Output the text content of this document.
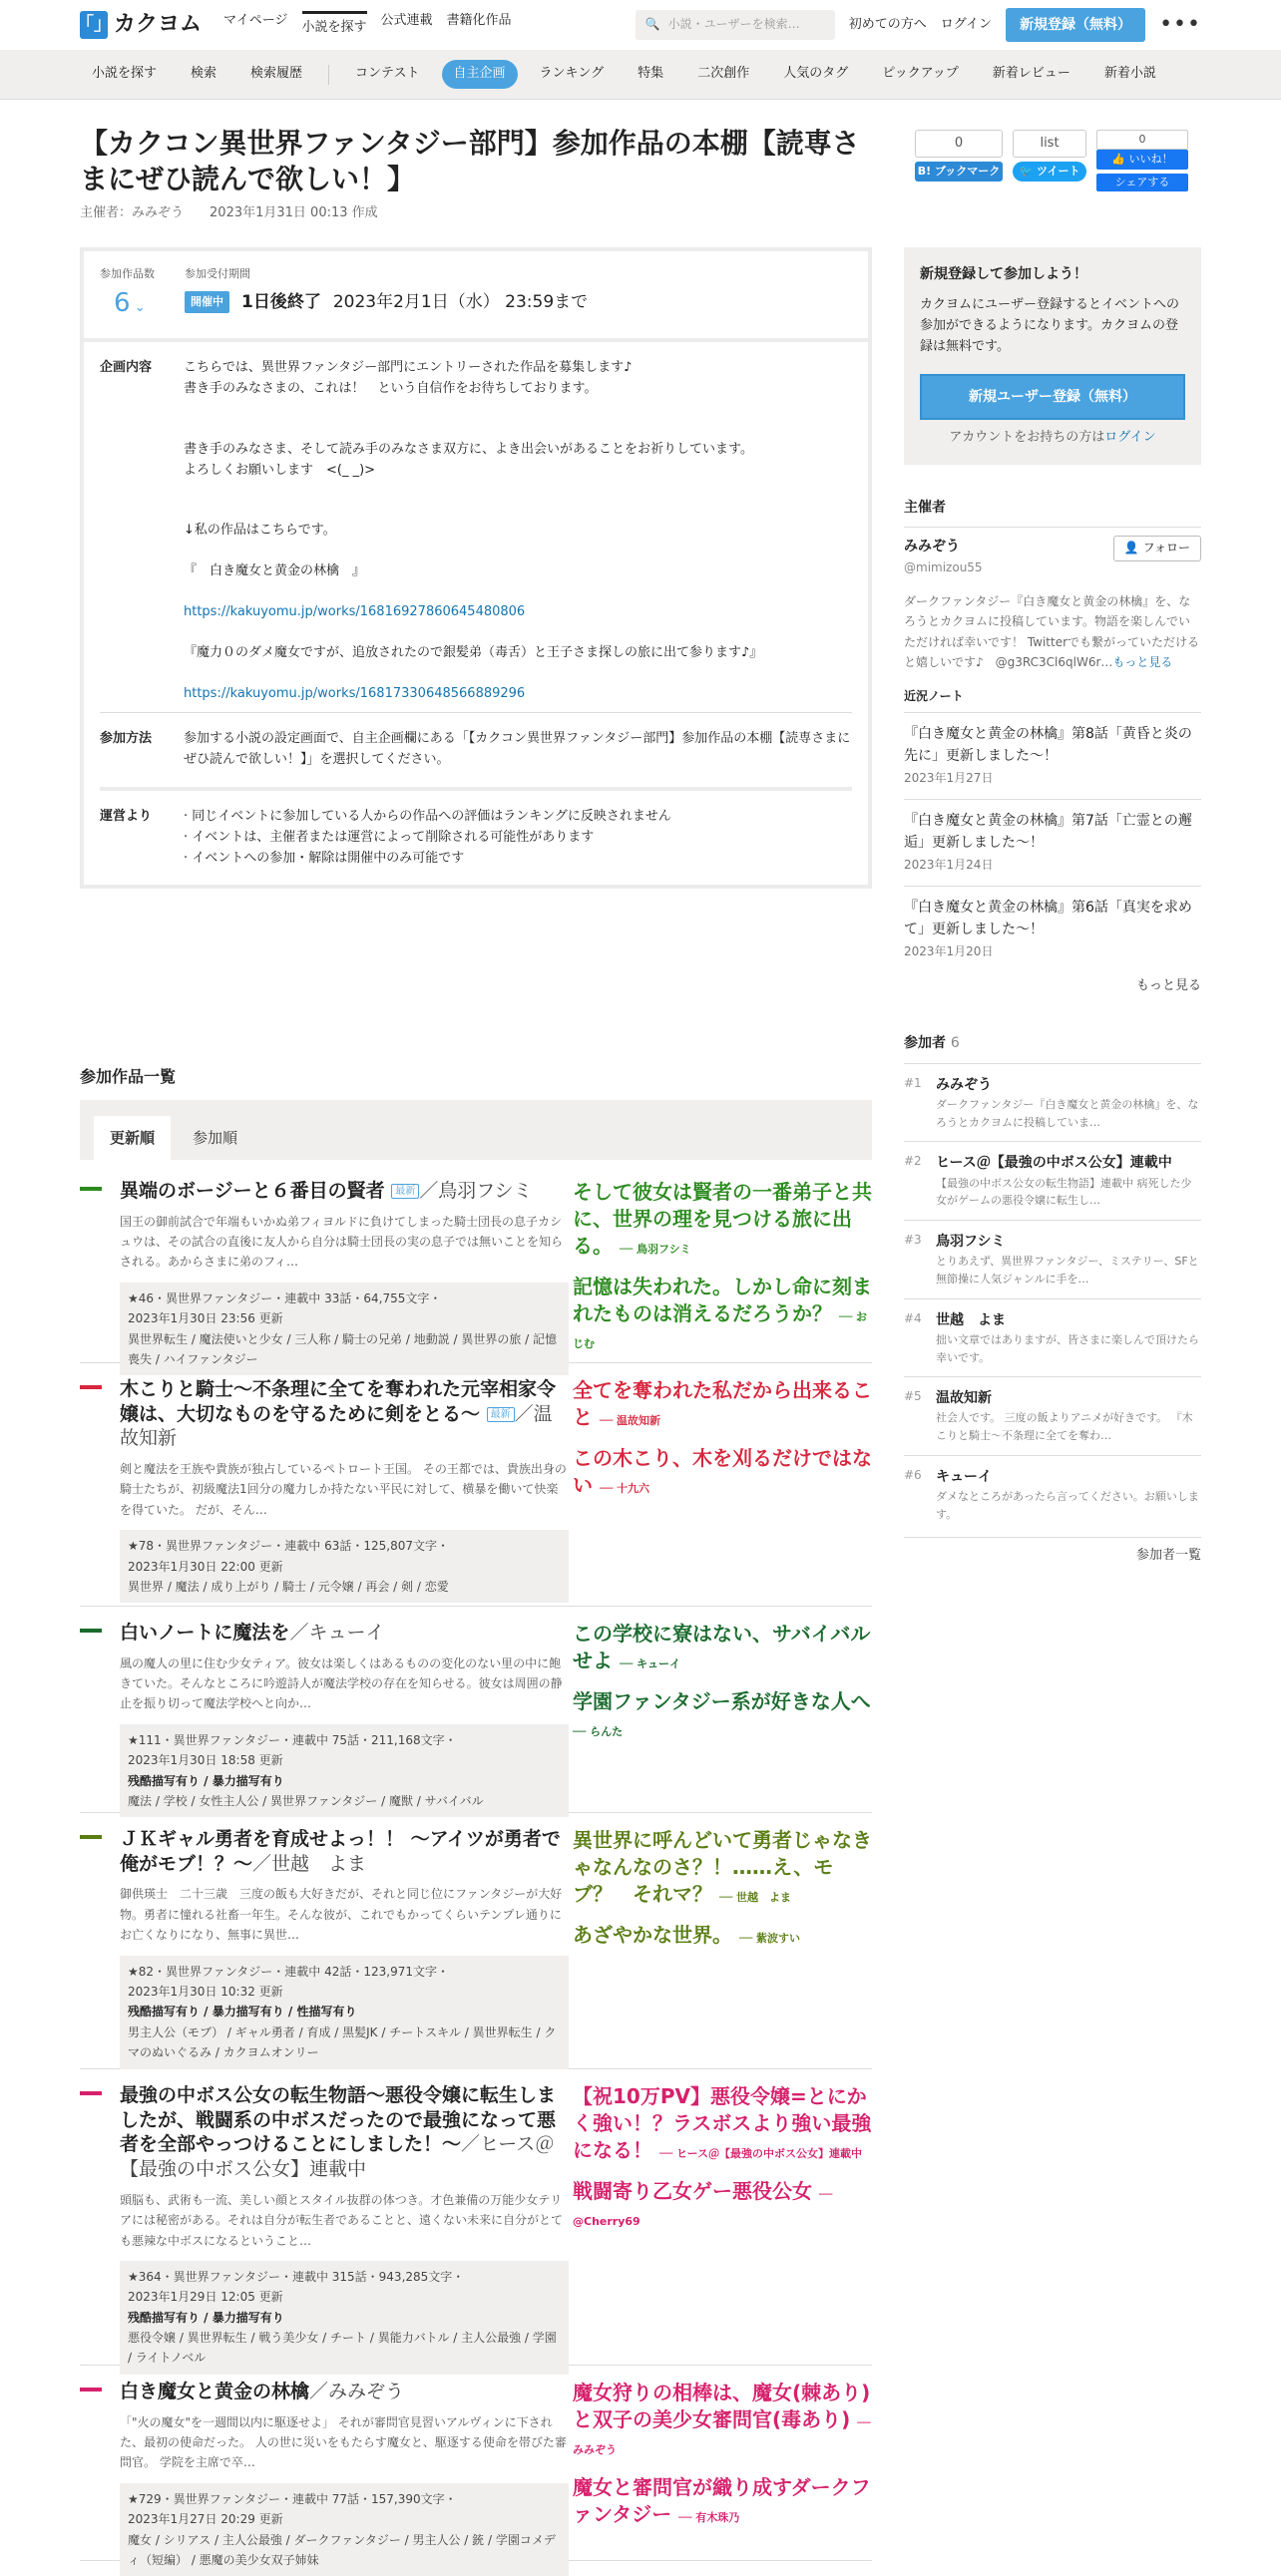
「」 カクヨム マイページ 小説を探す 公式連載 書籍化作品	🔍 小説・ユーザーを検索…	初めての方へ ログイン	新規登録（無料）	•••
小説を探す	検索	検索履歴	コンテスト	自主企画	ランキング	特集	二次創作	人気のタグ	ピックアップ	新着レビュー	新着小説
【カクコン異世界ファンタジー部門】参加作品の本棚【読専さまにぜひ読んで欲しい！】
主催者：みみぞう　　 2023年1月31日 00:13 作成
0
B! ブックマーク
list
🐦 ツイート
0
👍 いいね！
シェアする
参加作品数
6 ⌄
参加受付期間
開催中	1日後終了 2023年2月1日（水） 23:59まで
企画内容	こちらでは、異世界ファンタジー部門にエントリーされた作品を募集します♪

書き手のみなさまの、これは！　という自信作をお待ちしております。

書き手のみなさま、そして読み手のみなさま双方に、よき出会いがあることをお祈りしています。

よろしくお願いします　<(_ _)>

↓私の作品はこちらです。

『　白き魔女と黄金の林檎　』

https://kakuyomu.jp/works/16816927860645480806

『魔力０のダメ魔女ですが、追放されたので銀髪弟（毒舌）と王子さま探しの旅に出て参ります♪』

https://kakuyomu.jp/works/16817330648566889296

参加方法	参加する小説の設定画面で、自主企画欄にある「【カクコン異世界ファンタジー部門】参加作品の本棚【読専さまにぜひ読んで欲しい！】」を選択してください。
運営より	· 同じイベントに参加している人からの作品への評価はランキングに反映されません
· イベントは、主催者または運営によって削除される可能性があります
· イベントへの参加・解除は開催中のみ可能です
参加作品一覧
更新順	参加順
異端のボージーと６番目の賢者 最新 ／鳥羽フシミ
国王の御前試合で年端もいかぬ弟フィヨルドに負けてしまった騎士団長の息子カシュウは、その試合の直後に友人から自分は騎士団長の実の息子では無いことを知らされる。あからさまに弟のフィ…
★46・異世界ファンタジー・連載中 33話・64,755文字・
2023年1月30日 23:56 更新
異世界転生 / 魔法使いと少女 / 三人称 / 騎士の兄弟 / 地動説 / 異世界の旅 / 記憶喪失 / ハイファンタジー
そして彼女は賢者の一番弟子と共に、世界の理を見つける旅に出る。 ── 鳥羽フシミ
記憶は失われた。しかし命に刻まれたものは消えるだろうか？ ── おじむ
木こりと騎士〜不条理に全てを奪われた元宰相家令嬢は、大切なものを守るために剣をとる〜 最新 ／温故知新
剣と魔法を王族や貴族が独占しているペトロート王国。 その王都では、貴族出身の騎士たちが、初級魔法1回分の魔力しか持たない平民に対して、横暴を働いて快楽を得ていた。 だが、そん…
★78・異世界ファンタジー・連載中 63話・125,807文字・
2023年1月30日 22:00 更新
異世界 / 魔法 / 成り上がり / 騎士 / 元令嬢 / 再会 / 剣 / 恋愛
全てを奪われた私だから出来ること ── 温故知新
この木こり、木を刈るだけではない ── 十九六
白いノートに魔法を／キューイ
風の魔人の里に住む少女ティア。彼女は楽しくはあるものの変化のない里の中に飽きていた。そんなところに吟遊詩人が魔法学校の存在を知らせる。彼女は周囲の静止を振り切って魔法学校へと向か…
★111・異世界ファンタジー・連載中 75話・211,168文字・
2023年1月30日 18:58 更新
残酷描写有り / 暴力描写有り
魔法 / 学校 / 女性主人公 / 異世界ファンタジー / 魔獣 / サバイバル
この学校に寮はない、サバイバルせよ ── キューイ
学園ファンタジー系が好きな人へ ── らんた
ＪＫギャル勇者を育成せよっ！！ ～アイツが勇者で俺がモブ！？～／世越　よま
御供瑛士　二十三歳　三度の飯も大好きだが、それと同じ位にファンタジーが大好物。勇者に憧れる社畜一年生。そんな彼が、これでもかってくらいテンプレ通りにお亡くなりになり、無事に異世…
★82・異世界ファンタジー・連載中 42話・123,971文字・
2023年1月30日 10:32 更新
残酷描写有り / 暴力描写有り / 性描写有り
男主人公（モブ） / ギャル勇者 / 育成 / 黒髪JK / チートスキル / 異世界転生 / クマのぬいぐるみ / カクヨムオンリー
異世界に呼んどいて勇者じゃなきゃなんなのさ？！……え、モブ？　それマ？ ── 世越　よま
あざやかな世界。 ── 紫波すい
最強の中ボス公女の転生物語～悪役令嬢に転生しましたが、戦闘系の中ボスだったので最強になって悪者を全部やっつけることにしました！～／ヒース＠【最強の中ボス公女】連載中
頭脳も、武術も一流、美しい顔とスタイル抜群の体つき。才色兼備の万能少女テリアには秘密がある。それは自分が転生者であることと、遠くない未来に自分がとても悪辣な中ボスになるということ…
★364・異世界ファンタジー・連載中 315話・943,285文字・
2023年1月29日 12:05 更新
残酷描写有り / 暴力描写有り
悪役令嬢 / 異世界転生 / 戦う美少女 / チート / 異能力バトル / 主人公最強 / 学園 / ライトノベル
【祝10万PV】悪役令嬢=とにかく強い！？ラスボスより強い最強になる！ ── ヒース＠【最強の中ボス公女】連載中
戦闘寄り乙女ゲー悪役公女 ── @Cherry69
白き魔女と黄金の林檎／みみぞう
「"火の魔女"を一週間以内に駆逐せよ」 それが審問官見習いアルヴィンに下された、最初の使命だった。 人の世に災いをもたらす魔女と、駆逐する使命を帯びた審問官。 学院を主席で卒…
★729・異世界ファンタジー・連載中 77話・157,390文字・
2023年1月27日 20:29 更新
魔女 / シリアス / 主人公最強 / ダークファンタジー / 男主人公 / 銃 / 学園コメディ（短編） / 悪魔の美少女双子姉妹
魔女狩りの相棒は、魔女(棘あり)と双子の美少女審問官(毒あり) ── みみぞう
魔女と審問官が織り成すダークファンタジー ── 有木珠乃
新規登録して参加しよう！
カクヨムにユーザー登録するとイベントへの参加ができるようになります。カクヨムの登録は無料です。
新規ユーザー登録（無料）
アカウントをお持ちの方はログイン
主催者
👤 フォロー
みみぞう
@mimizou55
ダークファンタジー『白き魔女と黄金の林檎』を、なろうとカクヨムに投稿しています。物語を楽しんでいただければ幸いです！ Twitterでも繋がっていただけると嬉しいです♪　@g3RC3Cl6qlW6r…もっと見る
近況ノート
『白き魔女と黄金の林檎』第8話「黄昏と炎の先に」更新しました～！
2023年1月27日
『白き魔女と黄金の林檎』第7話「亡霊との邂逅」更新しました～！
2023年1月24日
『白き魔女と黄金の林檎』第6話「真実を求めて」更新しました～！
2023年1月20日
もっと見る
参加者 6
#1 みみぞう
ダークファンタジー『白き魔女と黄金の林檎』を、なろうとカクヨムに投稿していま…
#2 ヒース＠【最強の中ボス公女】連載中
【最強の中ボス公女の転生物語】連載中 病死した少女がゲームの悪役令嬢に転生し…
#3 鳥羽フシミ
とりあえず、異世界ファンタジー、ミステリー、SFと無節操に人気ジャンルに手を…
#4 世越　よま
拙い文章ではありますが、皆さまに楽しんで頂けたら幸いです。
#5 温故知新
社会人です。 三度の飯よりアニメが好きです。 『木こりと騎士〜不条理に全てを奪わ…
#6 キューイ
ダメなところがあったら言ってください。お願いします。
参加者一覧
